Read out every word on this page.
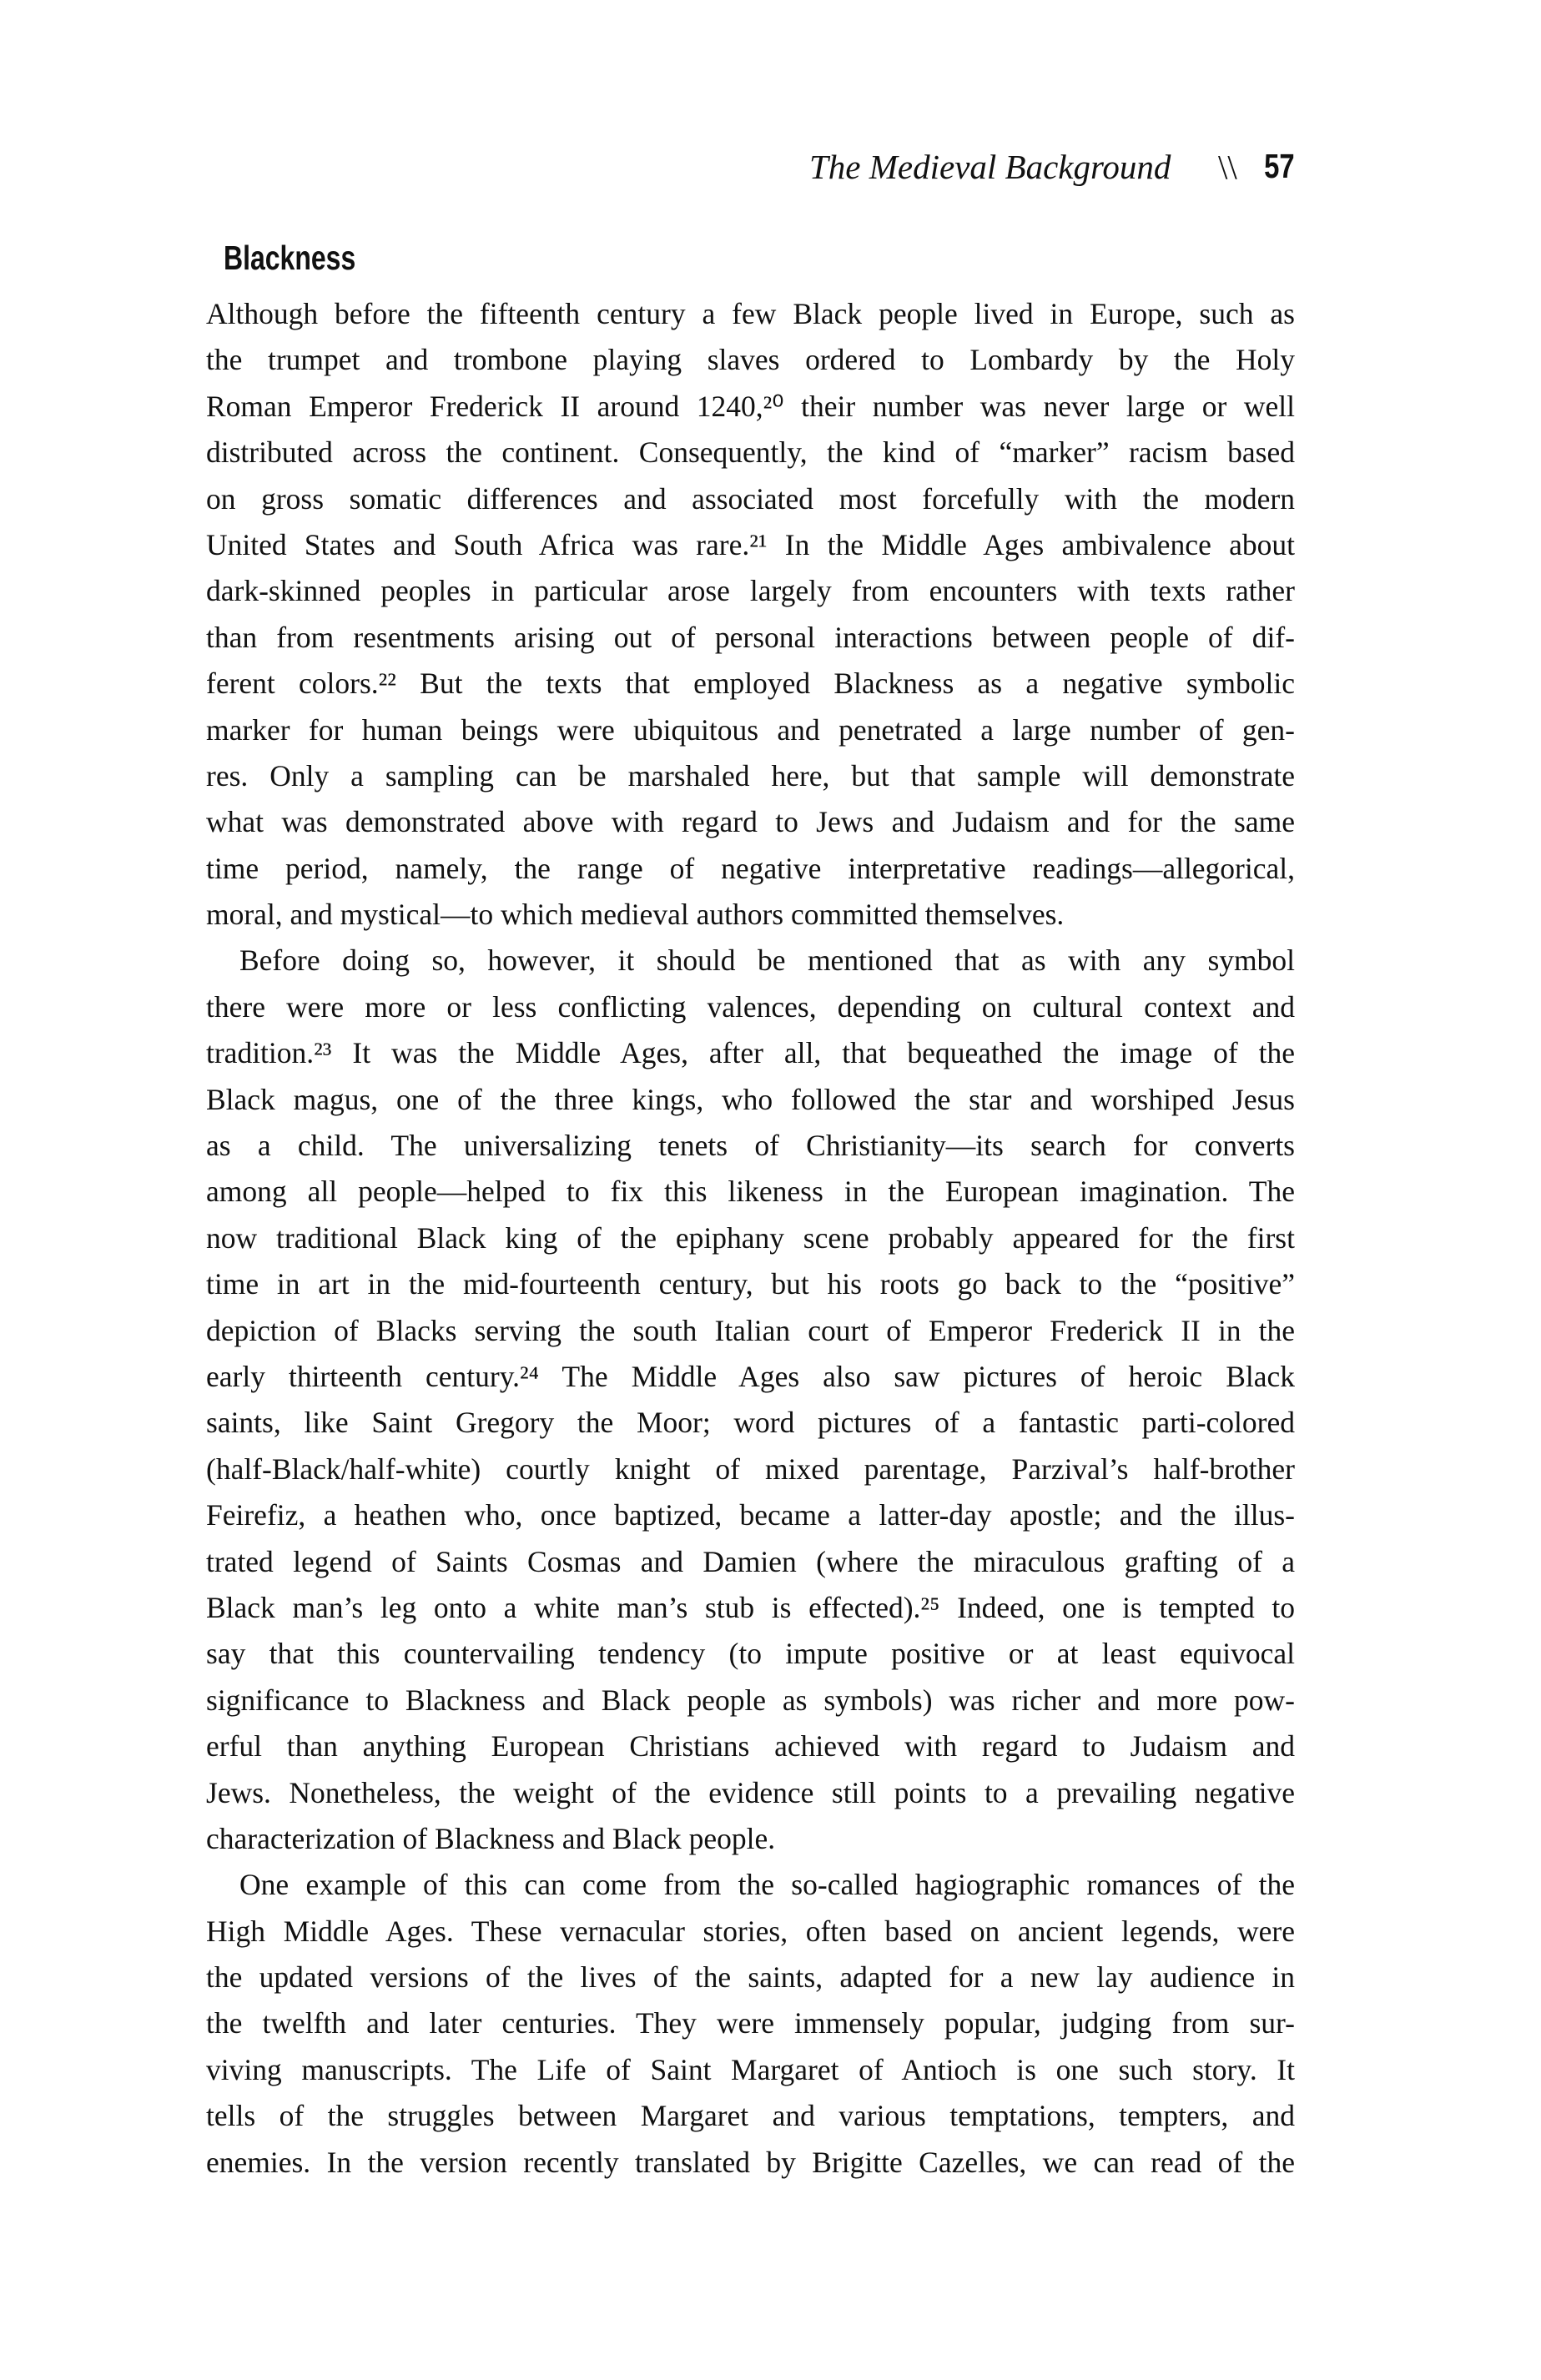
The Medieval Background \\ 57
Blackness
Although before the fifteenth century a few Black people lived in Europe, such as
the trumpet and trombone playing slaves ordered to Lombardy by the Holy
Roman Emperor Frederick II around 1240,²⁰ their number was never large or well
distributed across the continent. Consequently, the kind of “marker” racism based
on gross somatic differences and associated most forcefully with the modern
United States and South Africa was rare.²¹ In the Middle Ages ambivalence about
dark-skinned peoples in particular arose largely from encounters with texts rather
than from resentments arising out of personal interactions between people of dif-
ferent colors.²² But the texts that employed Blackness as a negative symbolic
marker for human beings were ubiquitous and penetrated a large number of gen-
res. Only a sampling can be marshaled here, but that sample will demonstrate
what was demonstrated above with regard to Jews and Judaism and for the same
time period, namely, the range of negative interpretative readings—allegorical,
moral, and mystical—to which medieval authors committed themselves.
Before doing so, however, it should be mentioned that as with any symbol
there were more or less conflicting valences, depending on cultural context and
tradition.²³ It was the Middle Ages, after all, that bequeathed the image of the
Black magus, one of the three kings, who followed the star and worshiped Jesus
as a child. The universalizing tenets of Christianity—its search for converts
among all people—helped to fix this likeness in the European imagination. The
now traditional Black king of the epiphany scene probably appeared for the first
time in art in the mid-fourteenth century, but his roots go back to the “positive”
depiction of Blacks serving the south Italian court of Emperor Frederick II in the
early thirteenth century.²⁴ The Middle Ages also saw pictures of heroic Black
saints, like Saint Gregory the Moor; word pictures of a fantastic parti-colored
(half-Black/half-white) courtly knight of mixed parentage, Parzival’s half-brother
Feirefiz, a heathen who, once baptized, became a latter-day apostle; and the illus-
trated legend of Saints Cosmas and Damien (where the miraculous grafting of a
Black man’s leg onto a white man’s stub is effected).²⁵ Indeed, one is tempted to
say that this countervailing tendency (to impute positive or at least equivocal
significance to Blackness and Black people as symbols) was richer and more pow-
erful than anything European Christians achieved with regard to Judaism and
Jews. Nonetheless, the weight of the evidence still points to a prevailing negative
characterization of Blackness and Black people.
One example of this can come from the so-called hagiographic romances of the
High Middle Ages. These vernacular stories, often based on ancient legends, were
the updated versions of the lives of the saints, adapted for a new lay audience in
the twelfth and later centuries. They were immensely popular, judging from sur-
viving manuscripts. The Life of Saint Margaret of Antioch is one such story. It
tells of the struggles between Margaret and various temptations, tempters, and
enemies. In the version recently translated by Brigitte Cazelles, we can read of the
